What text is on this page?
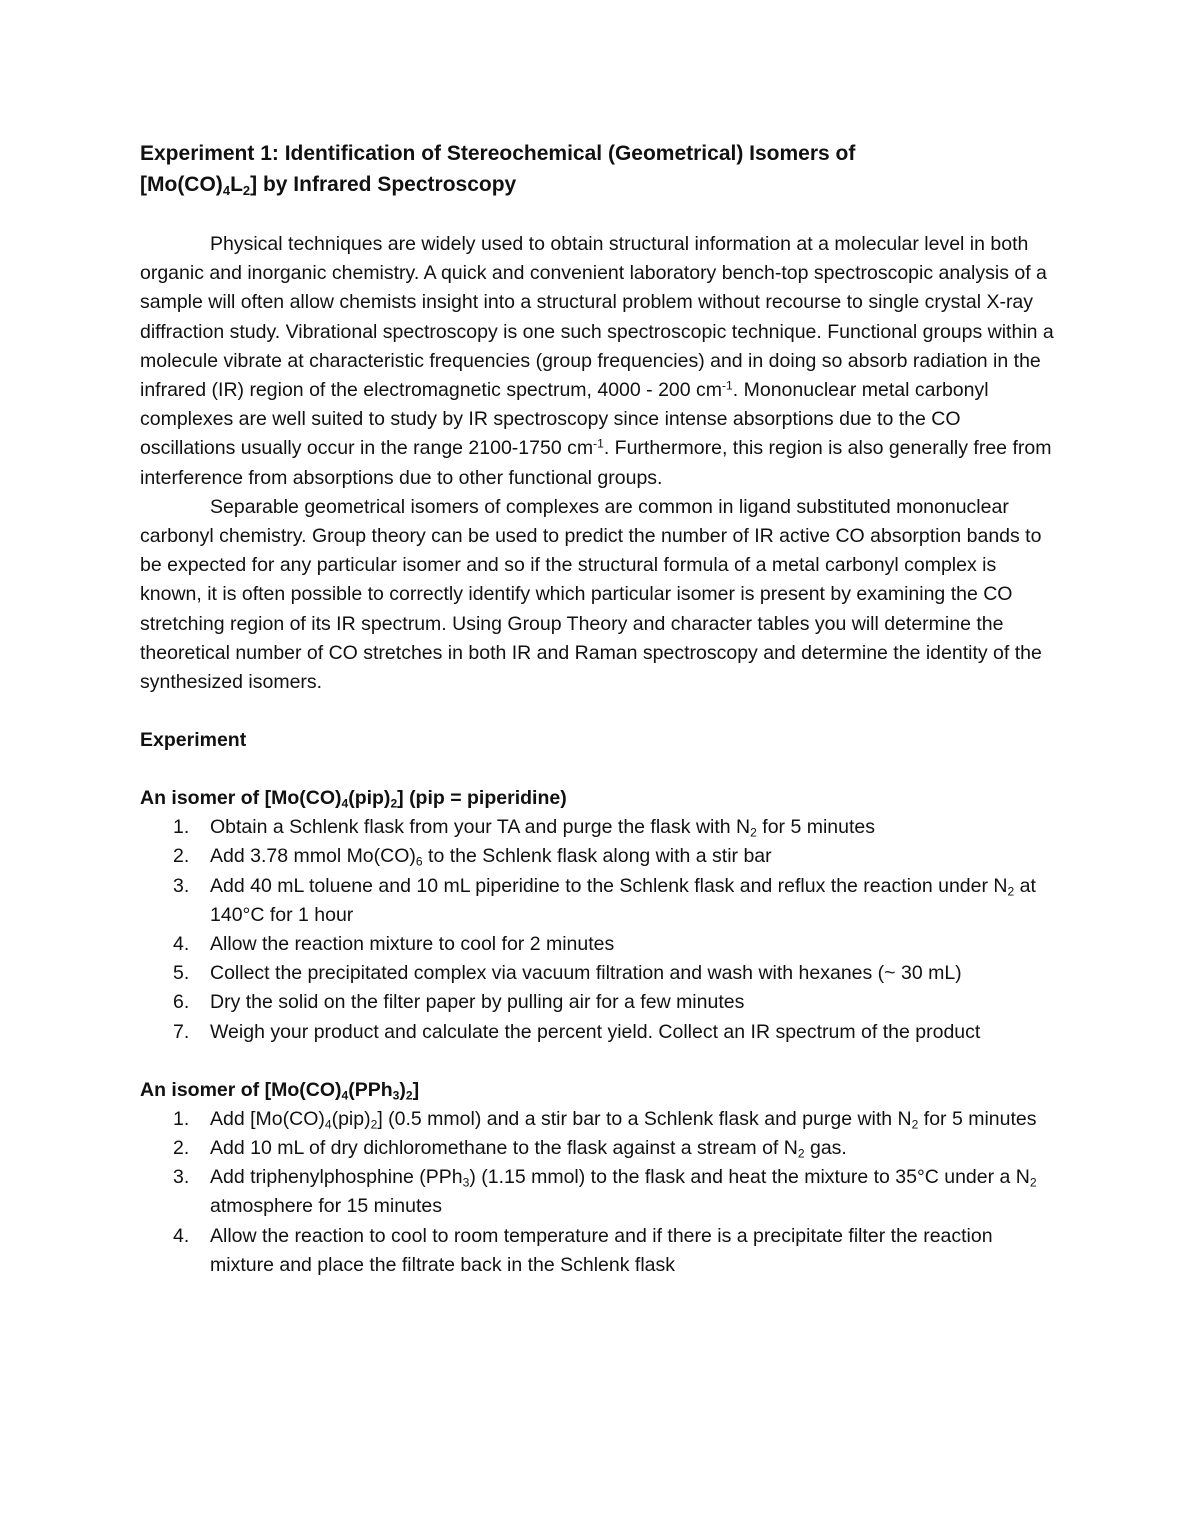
Experiment 1: Identification of Stereochemical (Geometrical) Isomers of
$[Mo(CO)_4L_2]$ by Infrared Spectroscopy

Physical techniques are widely used to obtain structural information at a molecular level in both organic and inorganic chemistry. A quick and convenient laboratory bench-top spectroscopic analysis of a sample will often allow chemists insight into a structural problem without recourse to single crystal X-ray diffraction study. Vibrational spectroscopy is one such spectroscopic technique. Functional groups within a molecule vibrate at characteristic frequencies (group frequencies) and in doing so absorb radiation in the infrared (IR) region of the electromagnetic spectrum, 4000 - 200 $cm^{-1}$. Mononuclear metal carbonyl complexes are well suited to study by IR spectroscopy since intense absorptions due to the CO oscillations usually occur in the range 2100-1750 $cm^{-1}$. Furthermore, this region is also generally free from interference from absorptions due to other functional groups.

Separable geometrical isomers of complexes are common in ligand substituted mononuclear carbonyl chemistry. Group theory can be used to predict the number of IR active CO absorption bands to be expected for any particular isomer and so if the structural formula of a metal carbonyl complex is known, it is often possible to correctly identify which particular isomer is present by examining the CO stretching region of its IR spectrum. Using Group Theory and character tables you will determine the theoretical number of CO stretches in both IR and Raman spectroscopy and determine the identity of the synthesized isomers.

Experiment
An isomer of $[Mo(CO)_4(pip)_2] (pip$ = piperidine)
1.	Obtain a Schlenk flask from your TA and purge the flask with $N_2$ for 5 minutes
2.	Add 3.78 mmol $Mo(CO)_6$ to the Schlenk flask along with a stir bar
3.	Add 40 mL toluene and 10 mL piperidine to the Schlenk flask and reflux the reaction under $N_2$ at 140°C for 1 hour
4.	Allow the reaction mixture to cool for 2 minutes
5.	Collect the precipitated complex via vacuum filtration and wash with hexanes (~ 30 mL)
6.	Dry the solid on the filter paper by pulling air for a few minutes
7.	Weigh your product and calculate the percent yield. Collect an IR spectrum of the product
An isomer of $[Mo(CO)_4(PPh_3)_2]$
1.	Add $[Mo(CO)_4(pip)_2]$ (0.5 mmol) and a stir bar to a Schlenk flask and purge with $N_2$ for 5 minutes
2.	Add 10 mL of dry dichloromethane to the flask against a stream of $N_2$ gas.
3.	Add triphenylphosphine (PPh$_3$) (1.15 mmol) to the flask and heat the mixture to 35°C under a $N_2$ atmosphere for 15 minutes
4.	Allow the reaction to cool to room temperature and if there is a precipitate filter the reaction mixture and place the filtrate back in the Schlenk flask
